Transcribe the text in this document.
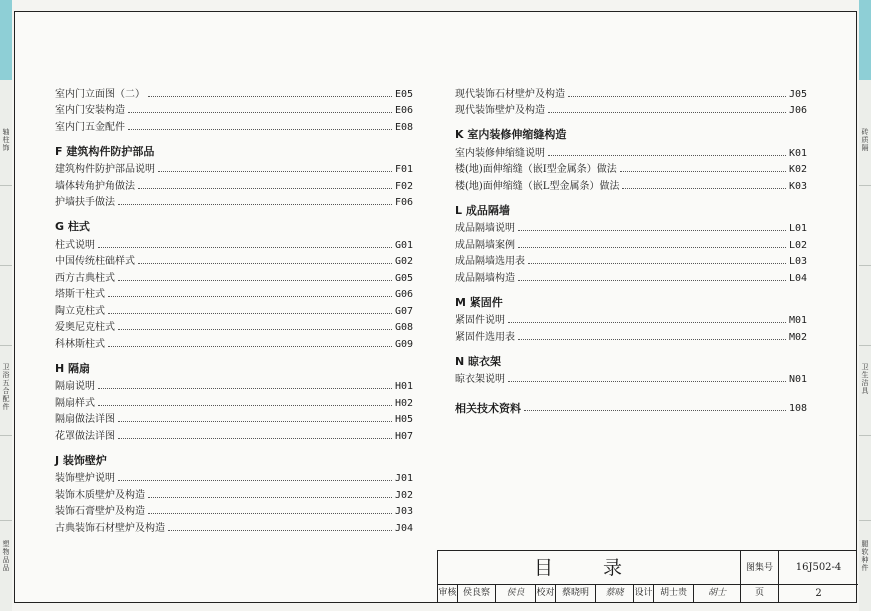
轴 柱 饰
卫 浴 五 合 配 件
塑 物 品 品
砖 质 隔
卫 生 洁 具
腿 软 种 件
室内门立面图（二）	E05
室内门安装构造	E06
室内门五金配件	E08
F 建筑构件防护部品
建筑构件防护部品说明	F01
墙体转角护角做法	F02
护墙扶手做法	F06
G 柱式
柱式说明	G01
中国传统柱础样式	G02
西方古典柱式	G05
塔斯干柱式	G06
陶立克柱式	G07
爱奥尼克柱式	G08
科林斯柱式	G09
H 隔扇
隔扇说明	H01
隔扇样式	H02
隔扇做法详图	H05
花罩做法详图	H07
J 装饰壁炉
装饰壁炉说明	J01
装饰木质壁炉及构造	J02
装饰石膏壁炉及构造	J03
古典装饰石材壁炉及构造	J04
现代装饰石材壁炉及构造	J05
现代装饰壁炉及构造	J06
K 室内装修伸缩缝构造
室内装修伸缩缝说明	K01
楼(地)面伸缩缝（嵌I型金属条）做法	K02
楼(地)面伸缩缝（嵌L型金属条）做法	K03
L 成品隔墙
成品隔墙说明	L01
成品隔墙案例	L02
成品隔墙选用表	L03
成品隔墙构造	L04
M 紧固件
紧固件说明	M01
紧固件选用表	M02
N 晾衣架
晾衣架说明	N01
相关技术资料	108
目 录	图集号	16J502-4
审核 侯良察	侯良	校对 蔡晓明	蔡晓	设计 胡士贵	胡士	页	2
